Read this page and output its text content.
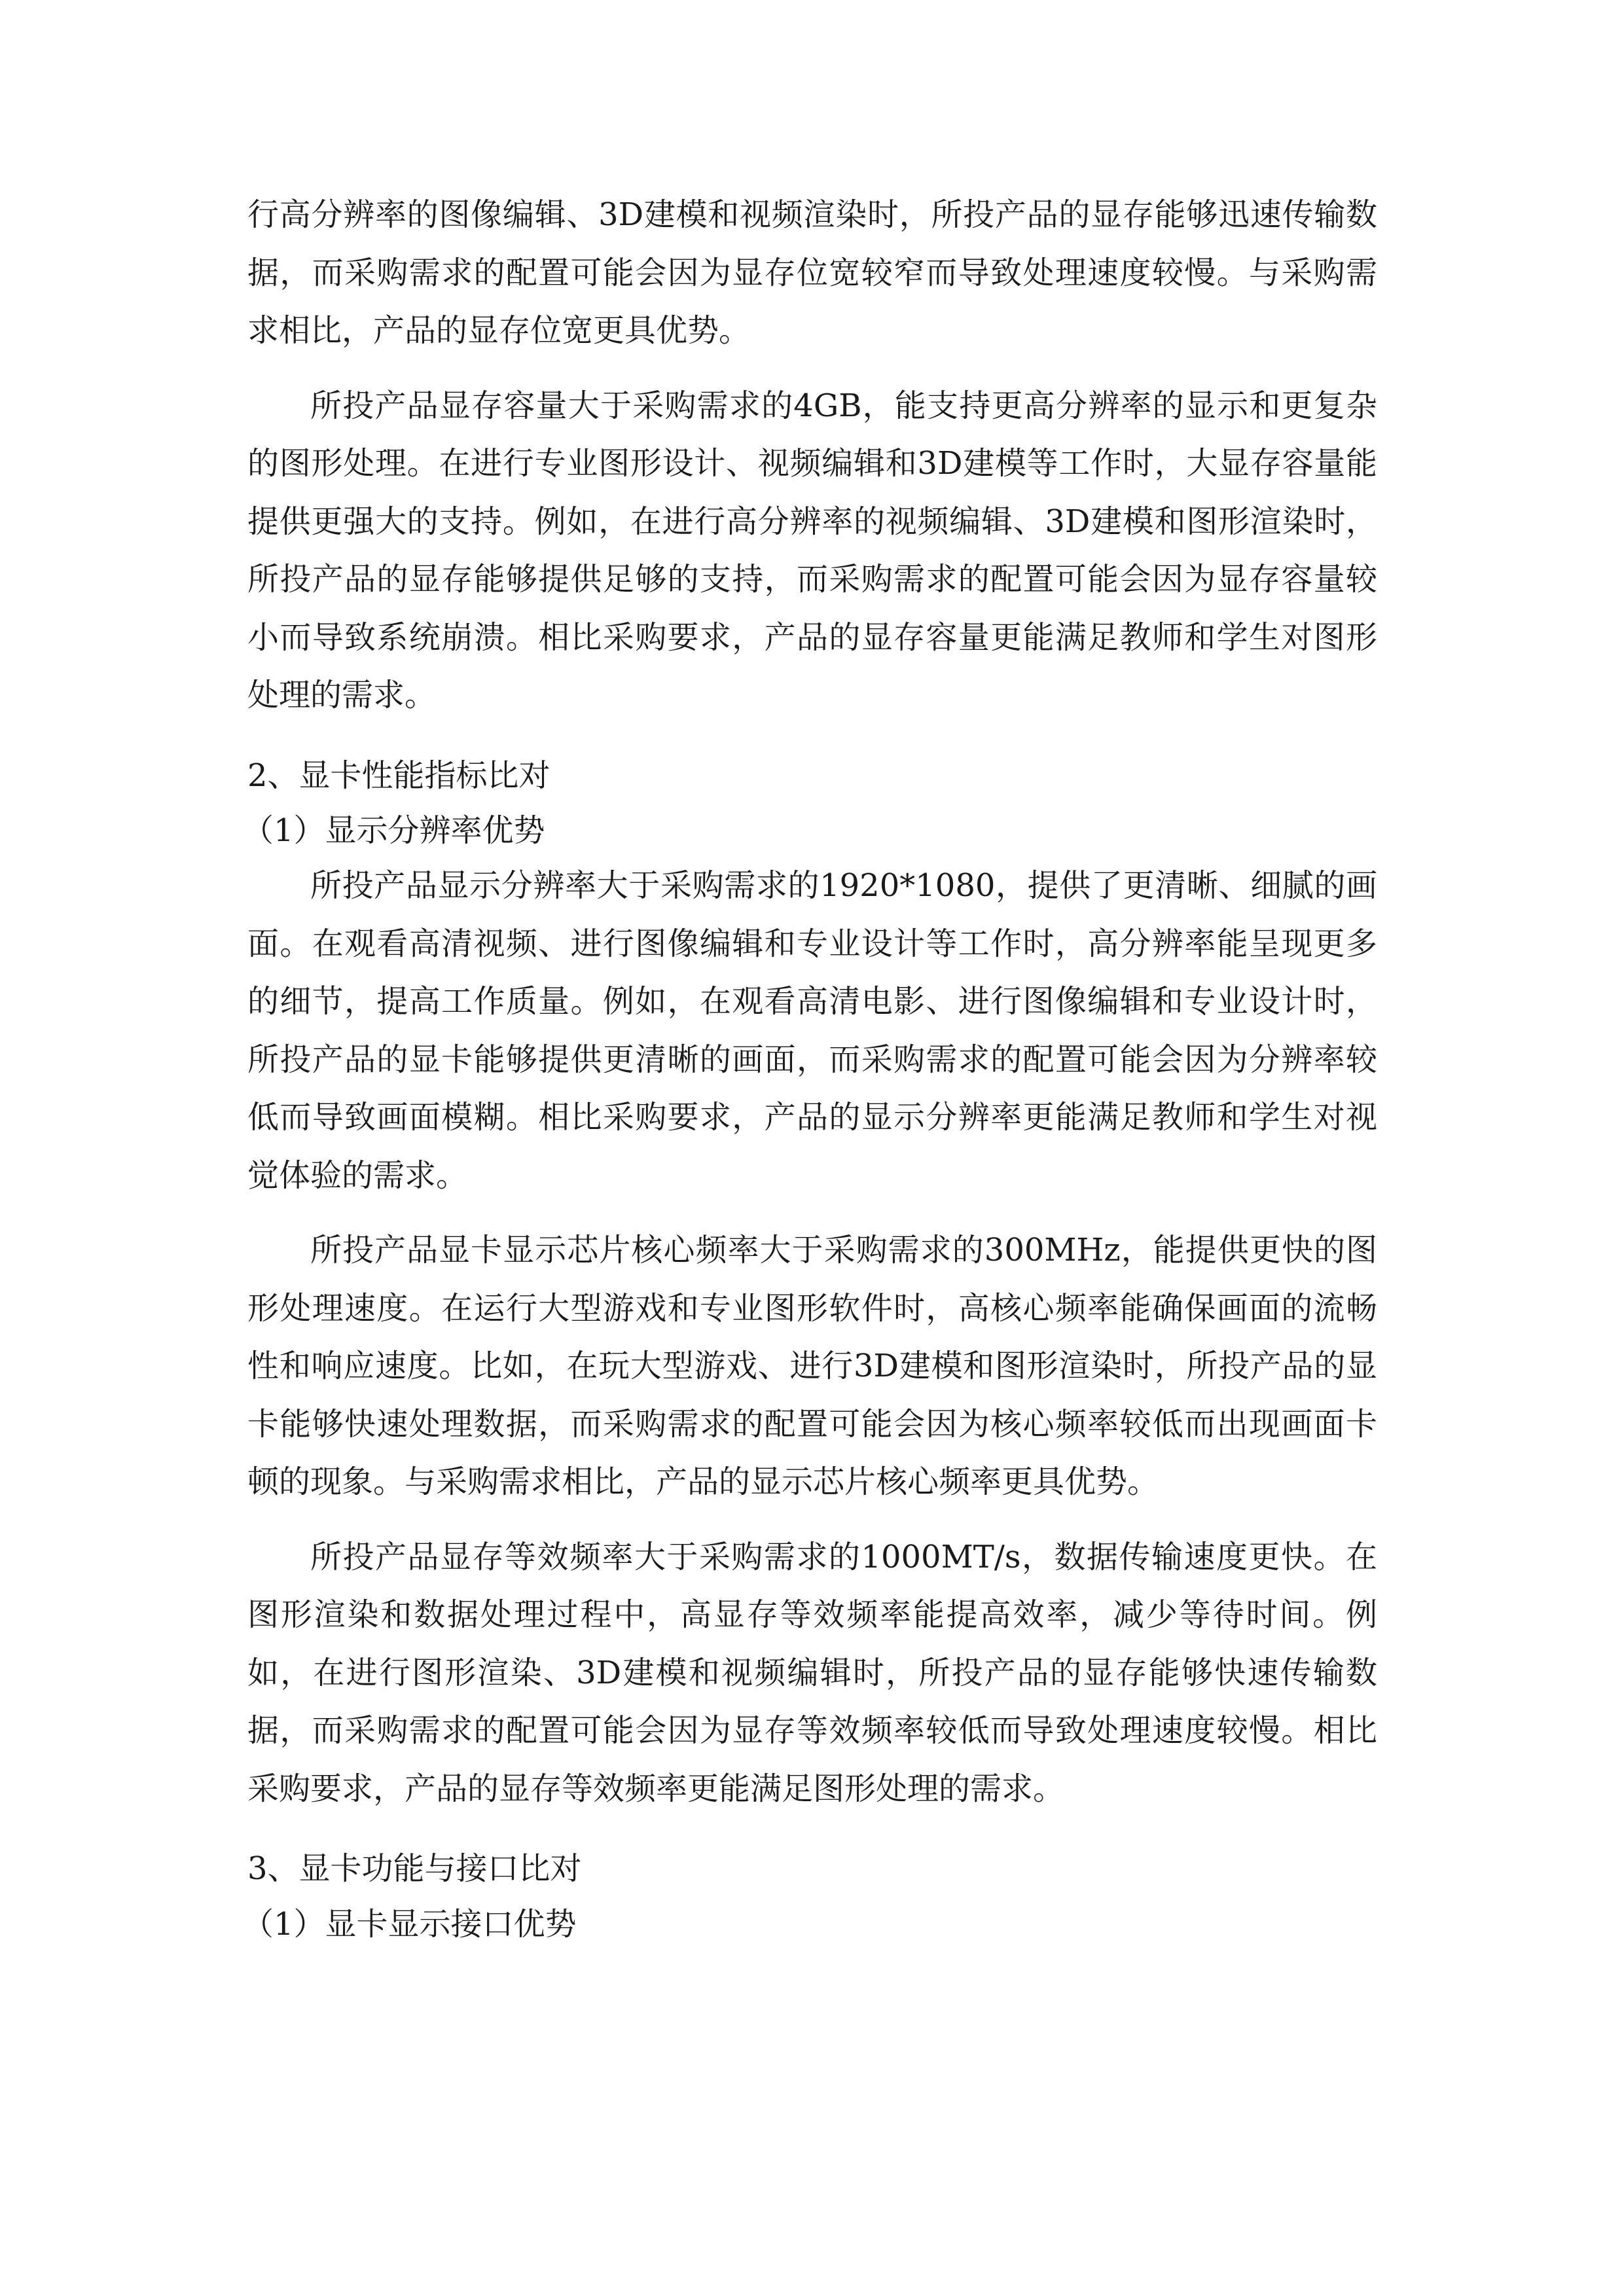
行高分辨率的图像编辑、3D建模和视频渲染时，所投产品的显存能够迅速传输数据，而采购需求的配置可能会因为显存位宽较窄而导致处理速度较慢。与采购需求相比，产品的显存位宽更具优势。

所投产品显存容量大于采购需求的4GB，能支持更高分辨率的显示和更复杂的图形处理。在进行专业图形设计、视频编辑和3D建模等工作时，大显存容量能提供更强大的支持。例如，在进行高分辨率的视频编辑、3D建模和图形渲染时，所投产品的显存能够提供足够的支持，而采购需求的配置可能会因为显存容量较小而导致系统崩溃。相比采购要求，产品的显存容量更能满足教师和学生对图形处理的需求。

2、显卡性能指标比对

（1）显示分辨率优势

所投产品显示分辨率大于采购需求的1920*1080，提供了更清晰、细腻的画面。在观看高清视频、进行图像编辑和专业设计等工作时，高分辨率能呈现更多的细节，提高工作质量。例如，在观看高清电影、进行图像编辑和专业设计时，所投产品的显卡能够提供更清晰的画面，而采购需求的配置可能会因为分辨率较低而导致画面模糊。相比采购要求，产品的显示分辨率更能满足教师和学生对视觉体验的需求。

所投产品显卡显示芯片核心频率大于采购需求的300MHz，能提供更快的图形处理速度。在运行大型游戏和专业图形软件时，高核心频率能确保画面的流畅性和响应速度。比如，在玩大型游戏、进行3D建模和图形渲染时，所投产品的显卡能够快速处理数据，而采购需求的配置可能会因为核心频率较低而出现画面卡顿的现象。与采购需求相比，产品的显示芯片核心频率更具优势。

所投产品显存等效频率大于采购需求的1000MT/s，数据传输速度更快。在图形渲染和数据处理过程中，高显存等效频率能提高效率，减少等待时间。例如，在进行图形渲染、3D建模和视频编辑时，所投产品的显存能够快速传输数据，而采购需求的配置可能会因为显存等效频率较低而导致处理速度较慢。相比采购要求，产品的显存等效频率更能满足图形处理的需求。

3、显卡功能与接口比对

（1）显卡显示接口优势
